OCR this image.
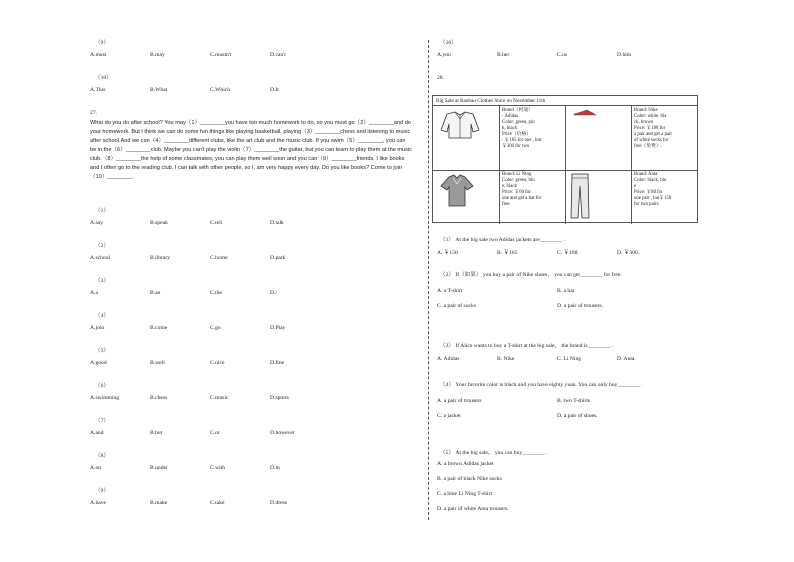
（9）
A.must	B.may	C.mustn't	D.can't
（10）
A.This	B.What	C.Which	D.It
27.
What do you do after school? You may（1）________you have too much homework to do, so you must go（2）________and do your homework. But I think we can do some fun things like playing basketball, playing（3）________chess and listening to music after school.And we can（4）________different clubs, like the art club and the music club. If you swim（5）________, you can be in the（6）________club. Maybe you can't play the violin（7）________the guitar, but you can learn to play them at the music club.（8）________the help of some classmates, you can play them well soon and you can（9）________friends. I like books and I often go to the reading club. I can talk with other people, so I, am very happy every day. Do you like books? Come to join（10）________.
（1）
A.say	B.speak	C.tell	D.talk
（2）
A.school	B.library	C.home	D.park
（3）
A.a	B.an	C.the	D./
（4）
A.join	B.come	C.go	D.Play
（5）
A.good	B.well	C.nice	D.fine
（6）
A.swimming	B.chess	C.music	D.sports
（7）
A.and	B.but	C.or	D.however
（8）
A.on	B.under	C.with	D.in
（9）
A.have	B.make	C.take	D.dress
（10）
A.you	B.her	C.us	D.him
28.
Big Sale at Baobao Clothes Store on November 11th
Brand（阿迪）
: Adidas
Color: green, pin
k, black
Price（价格）
: ￥165 for one , but
￥300 for two
Brand: Nike
Color: white, bla
ck, brown
Price: ￥188 for
a pair and get a pair
of white socks for
free（免费）.
Brand: Li Ning
Color: green, blu
e, black
Price: ￥60 for
one and get a hat for
free.
Brand: Anta
Color: black, blu
e
Price: ￥80 for
one pair , but￥150
for two pairs.
（1） At the big sale two Adidas jackets are________ .
A. ￥150	B. ￥165	C. ￥188	D. ￥300。
（2） If（如果） you buy a pair of Nike shoes， you can get________ for free.
A. a T-shirt	B. a hat
C. a pair of socks	D. a pair of trousers.
（3） If Alice wants to buy a T-shirt at the big sale， the brand is________ .
A. Adidas	B. Nike	C. Li Ning	D. Anta.
（4） Your favorite color is black and you have eighty yuan. You can only buy________ .
A. a pair of trousers	B. two T-shirts
C. a jacket	D. a pair of shoes.
（5） At the big sale， you can buy________ .
A. a brown Adidas jacket
B. a pair of black Nike socks
C. a blue Li Ning T-shirt
D. a pair of white Anta trousers.
